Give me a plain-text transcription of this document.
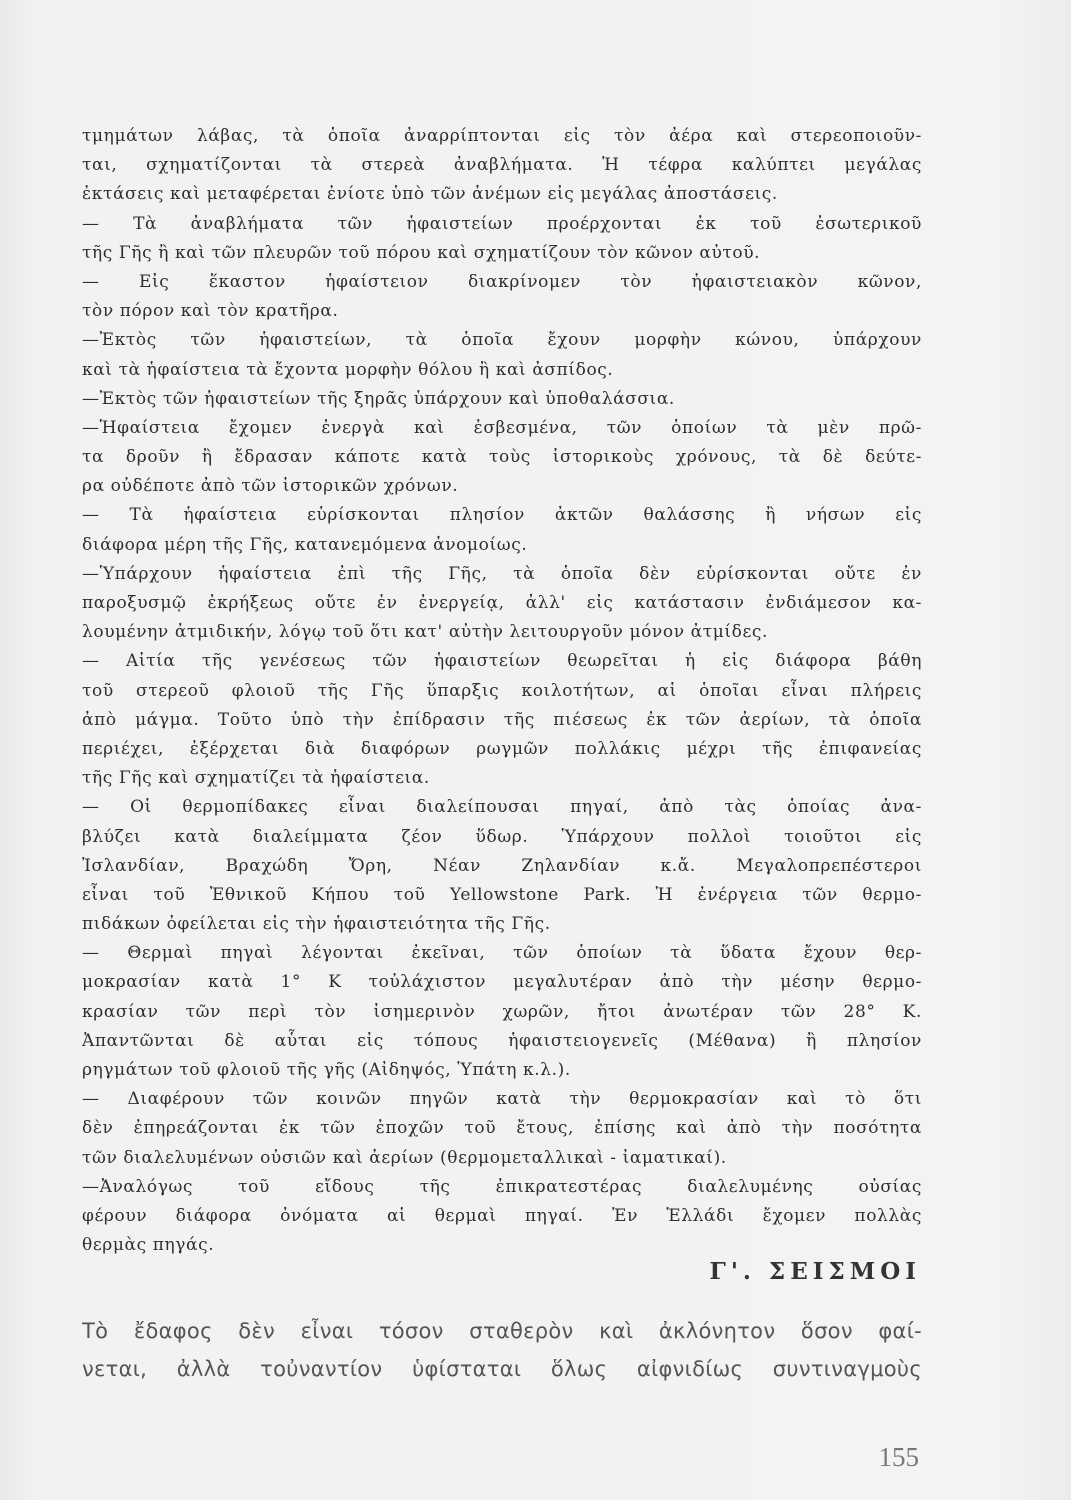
τμημάτων λάβας, τὰ ὁποῖα ἀναρρίπτονται εἰς τὸν ἀέρα καὶ στερεοποιοῦν-
ται, σχηματίζονται τὰ στερεὰ ἀναβλήματα. Ἡ τέφρα καλύπτει μεγάλας
ἐκτάσεις καὶ μεταφέρεται ἐνίοτε ὑπὸ τῶν ἀνέμων εἰς μεγάλας ἀποστάσεις.
— Τὰ ἀναβλήματα τῶν ἡφαιστείων προέρχονται ἐκ τοῦ ἐσωτερικοῦ
τῆς Γῆς ἢ καὶ τῶν πλευρῶν τοῦ πόρου καὶ σχηματίζουν τὸν κῶνον αὐτοῦ.
— Εἰς ἕκαστον ἡφαίστειον διακρίνομεν τὸν ἡφαιστειακὸν κῶνον,
τὸν πόρον καὶ τὸν κρατῆρα.
—Ἐκτὸς τῶν ἡφαιστείων, τὰ ὁποῖα ἔχουν μορφὴν κώνου, ὑπάρχουν
καὶ τὰ ἡφαίστεια τὰ ἔχοντα μορφὴν θόλου ἢ καὶ ἀσπίδος.
—Ἐκτὸς τῶν ἡφαιστείων τῆς ξηρᾶς ὑπάρχουν καὶ ὑποθαλάσσια.
—Ἡφαίστεια ἔχομεν ἐνεργὰ καὶ ἐσβεσμένα, τῶν ὁποίων τὰ μὲν πρῶ-
τα δροῦν ἢ ἔδρασαν κάποτε κατὰ τοὺς ἱστορικοὺς χρόνους, τὰ δὲ δεύτε-
ρα οὐδέποτε ἀπὸ τῶν ἱστορικῶν χρόνων.
— Τὰ ἡφαίστεια εὑρίσκονται πλησίον ἀκτῶν θαλάσσης ἢ νήσων εἰς
διάφορα μέρη τῆς Γῆς, κατανεμόμενα ἀνομοίως.
—Ὑπάρχουν ἡφαίστεια ἐπὶ τῆς Γῆς, τὰ ὁποῖα δὲν εὑρίσκονται οὔτε ἐν
παροξυσμῷ ἐκρήξεως οὔτε ἐν ἐνεργείᾳ, ἀλλ' εἰς κατάστασιν ἐνδιάμεσον κα-
λουμένην ἀτμιδικήν, λόγῳ τοῦ ὅτι κατ' αὐτὴν λειτουργοῦν μόνον ἀτμίδες.
— Αἰτία τῆς γενέσεως τῶν ἡφαιστείων θεωρεῖται ἡ εἰς διάφορα βάθη
τοῦ στερεοῦ φλοιοῦ τῆς Γῆς ὕπαρξις κοιλοτήτων, αἱ ὁποῖαι εἶναι πλήρεις
ἀπὸ μάγμα. Τοῦτο ὑπὸ τὴν ἐπίδρασιν τῆς πιέσεως ἐκ τῶν ἀερίων, τὰ ὁποῖα
περιέχει, ἐξέρχεται διὰ διαφόρων ρωγμῶν πολλάκις μέχρι τῆς ἐπιφανείας
τῆς Γῆς καὶ σχηματίζει τὰ ἡφαίστεια.
— Οἱ θερμοπίδακες εἶναι διαλείπουσαι πηγαί, ἀπὸ τὰς ὁποίας ἀνα-
βλύζει κατὰ διαλείμματα ζέον ὕδωρ. Ὑπάρχουν πολλοὶ τοιοῦτοι εἰς
Ἰσλανδίαν, Βραχώδη Ὄρη, Νέαν Ζηλανδίαν κ.ἄ. Μεγαλοπρεπέστεροι
εἶναι τοῦ Ἐθνικοῦ Κήπου τοῦ Yellowstone Park. Ἡ ἐνέργεια τῶν θερμο-
πιδάκων ὀφείλεται εἰς τὴν ἡφαιστειότητα τῆς Γῆς.
— Θερμαὶ πηγαὶ λέγονται ἐκεῖναι, τῶν ὁποίων τὰ ὕδατα ἔχουν θερ-
μοκρασίαν κατὰ 1° Κ τοὐλάχιστον μεγαλυτέραν ἀπὸ τὴν μέσην θερμο-
κρασίαν τῶν περὶ τὸν ἰσημερινὸν χωρῶν, ἤτοι ἀνωτέραν τῶν 28° Κ.
Ἀπαντῶνται δὲ αὗται εἰς τόπους ἡφαιστειογενεῖς (Μέθανα) ἢ πλησίον
ρηγμάτων τοῦ φλοιοῦ τῆς γῆς (Αἰδηψός, Ὑπάτη κ.λ.).
— Διαφέρουν τῶν κοινῶν πηγῶν κατὰ τὴν θερμοκρασίαν καὶ τὸ ὅτι
δὲν ἐπηρεάζονται ἐκ τῶν ἐποχῶν τοῦ ἔτους, ἐπίσης καὶ ἀπὸ τὴν ποσότητα
τῶν διαλελυμένων οὐσιῶν καὶ ἀερίων (θερμομεταλλικαὶ - ἰαματικαί).
—Ἀναλόγως τοῦ εἴδους τῆς ἐπικρατεστέρας διαλελυμένης οὐσίας
φέρουν διάφορα ὀνόματα αἱ θερμαὶ πηγαί. Ἐν Ἑλλάδι ἔχομεν πολλὰς
θερμὰς πηγάς.
Γ'. ΣΕΙΣΜΟΙ
Τὸ ἔδαφος δὲν εἶναι τόσον σταθερὸν καὶ ἀκλόνητον ὅσον φαί-
νεται, ἀλλὰ τοὐναντίον ὑφίσταται ὅλως αἰφνιδίως συντιναγμοὺς
155
